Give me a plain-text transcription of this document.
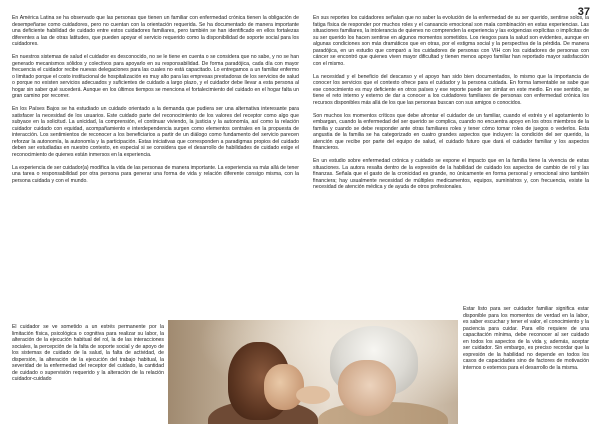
37

En América Latina se ha observado que las personas que tienen un familiar con enfermedad crónica tienen la obligación de desempeñarse como cuidadores, pero no cuentan con la orientación requerida. Se ha documentado de manera importante una deficiente habilidad de cuidado entre estos cuidadores familiares, pero también se han identificado en ellos fortalezas diferentes a las de otras latitudes, que pueden apoyar el servicio requerido como la disponibilidad de soporte social para los cuidadores.

En nuestros sistemas de salud el cuidador es desconocido, no se le tiene en cuenta o se considera que no sabe, y no se han generado mecanismos sólidos y colectivos para apoyarlo en su responsabilidad. De forma paradójica, cada día con mayor frecuencia el cuidador recibe nuevas delegaciones para las cuales no está capacitado. Lo entregamos a un familiar enfermo o limitado porque el costo institucional de hospitalización es muy alto para las empresas prestadoras de los servicios de salud o porque no existen servicios adecuados y suficientes de cuidado a largo plazo, y el cuidador debe llevar a esta persona al hogar sin saber qué sucederá. Aunque en los últimos tiempos se menciona el fortalecimiento del cuidado en el hogar falta un gran camino por recorrer.

En los Países Bajos se ha estudiado un cuidado orientado a la demanda que pudiera ser una alternativa interesante para satisfacer la necesidad de los usuarios. Este cuidado parte del reconocimiento de los valores del receptor como algo que subyace en la solicitud. La unicidad, la comprensión, el continuar viviendo, la justicia y la autonomía, así como la relación cuidador cuidado con equidad, acompañamiento e interdependencia surgen como elementos centrales en la propuesta de interacción. Los sentimientos de reconocer a los beneficiarios a partir de un diálogo como fundamento del servicio parecen reforzar la autonomía, la autonomía y la participación. Estas iniciativas que corresponden a paradigmas propios del cuidado deben ser estudiadas en nuestro contexto, en especial si se considera que el desarrollo de habilidades de cuidado exige el reconocimiento de quienes están inmersos en la experiencia.

La experiencia de ser cuidador(a) modifica la vida de las personas de manera importante. La experiencia va más allá de tener una tarea o responsabilidad por otra persona para generar una forma de vida y relación diferente consigo misma, con la persona cuidada y con el mundo.

El cuidador se ve sometido a un estrés permanente por la limitación física, psicológica o cognitiva para realizar su labor, la alteración de la ejecución habitual del rol, la de las interacciones sociales, la percepción de la falta de soporte social y de apoyo de los sistemas de cuidado de la salud, la falta de actividad, de dispersión, la alteración de la ejecución del trabajo habitual, la severidad de la enfermedad del receptor del cuidado, la cantidad de cuidado o supervisión requerido y la alteración de la relación cuidador-cuidado

En sus reportes los cuidadores señalan que no saber la evolución de la enfermedad de su ser querido, sentirse solos, la fatiga física de responder por muchos roles y el cansancio emocional son mala combinación en estas experiencias. Las situaciones familiares, la intolerancia de quienes no comprenden la experiencia y las exigencias explícitas o implícitas de su ser querido los hacen sentirse en algunos momentos sometidos. Los riesgos para la salud son evidentes, aunque en algunas condiciones son más dramáticos que en otras, por el estigma social y la perspectiva de la pérdida. De manera paradójica, en un estudio que comparó a los cuidadores de personas con VIH con los cuidadores de personas con cáncer se encontró que quienes viven mayor dificultad y tienen menos apoyo familiar han reportado mayor satisfacción con el mismo.

La necesidad y el beneficio del descanso y el apoyo han sido bien documentados, lo mismo que la importancia de conocer los servicios que el contexto ofrece para el cuidador y la persona cuidada. En forma lamentable se sabe que ese conocimiento es muy deficiente en otros países y ese reporte puede ser similar en este medio. En ese sentido, se tiene el reto interno y externo de dar a conocer a los cuidadores familiares de personas con enfermedad crónica los recursos disponibles más allá de los que las personas buscan con sus amigos o conocidos.

Son muchos los momentos críticos que debe afrontar el cuidador de un familiar, cuando el estrés y el agotamiento lo embargan, cuando la enfermedad del ser querido se complica, cuando no encuentra apoyo en los otros miembros de la familia y cuando se debe responder ante otras familiares roles y tener cómo tomar roles de juegos o vederlos. Esta angustia de la familia se ha categorizado en cuatro grandes aspectos que incluyen: la condición del ser querido, la atención que recibe por parte del equipo de salud, el cuidado futuro que dará el cuidador familiar y los aspectos financieros.

En un estudio sobre enfermedad crónica y cuidado se expone el impacto que en la familia tiene la vivencia de estas situaciones. La autora resalta dentro de la expresión de la habilidad de cuidado los aspectos de cambio de rol y las finanzas. Señala que el gasto de la cronicidad es grande, no únicamente en forma personal y emocional sino también financiera; hay usualmente necesidad de múltiples medicamentos, equipos, suministros y, con frecuencia, existe la necesidad de atención médica y de ayuda de otros profesionales.

Estar listo para ser cuidador familiar significa estar disponible para los momentos de verdad en la labor, es saber escuchar y tener el valor, el conocimiento y la paciencia para cuidar. Para ello requiere de una capacitación mínima, debe reconocer al ser cuidado en todos los aspectos de la vida y, además, aceptar ser cuidador. Sin embargo, es preciso recordar que la expresión de la habilidad no depende en todos los casos de capacidades sino de factores de motivación internos o externos para el desarrollo de la misma.
